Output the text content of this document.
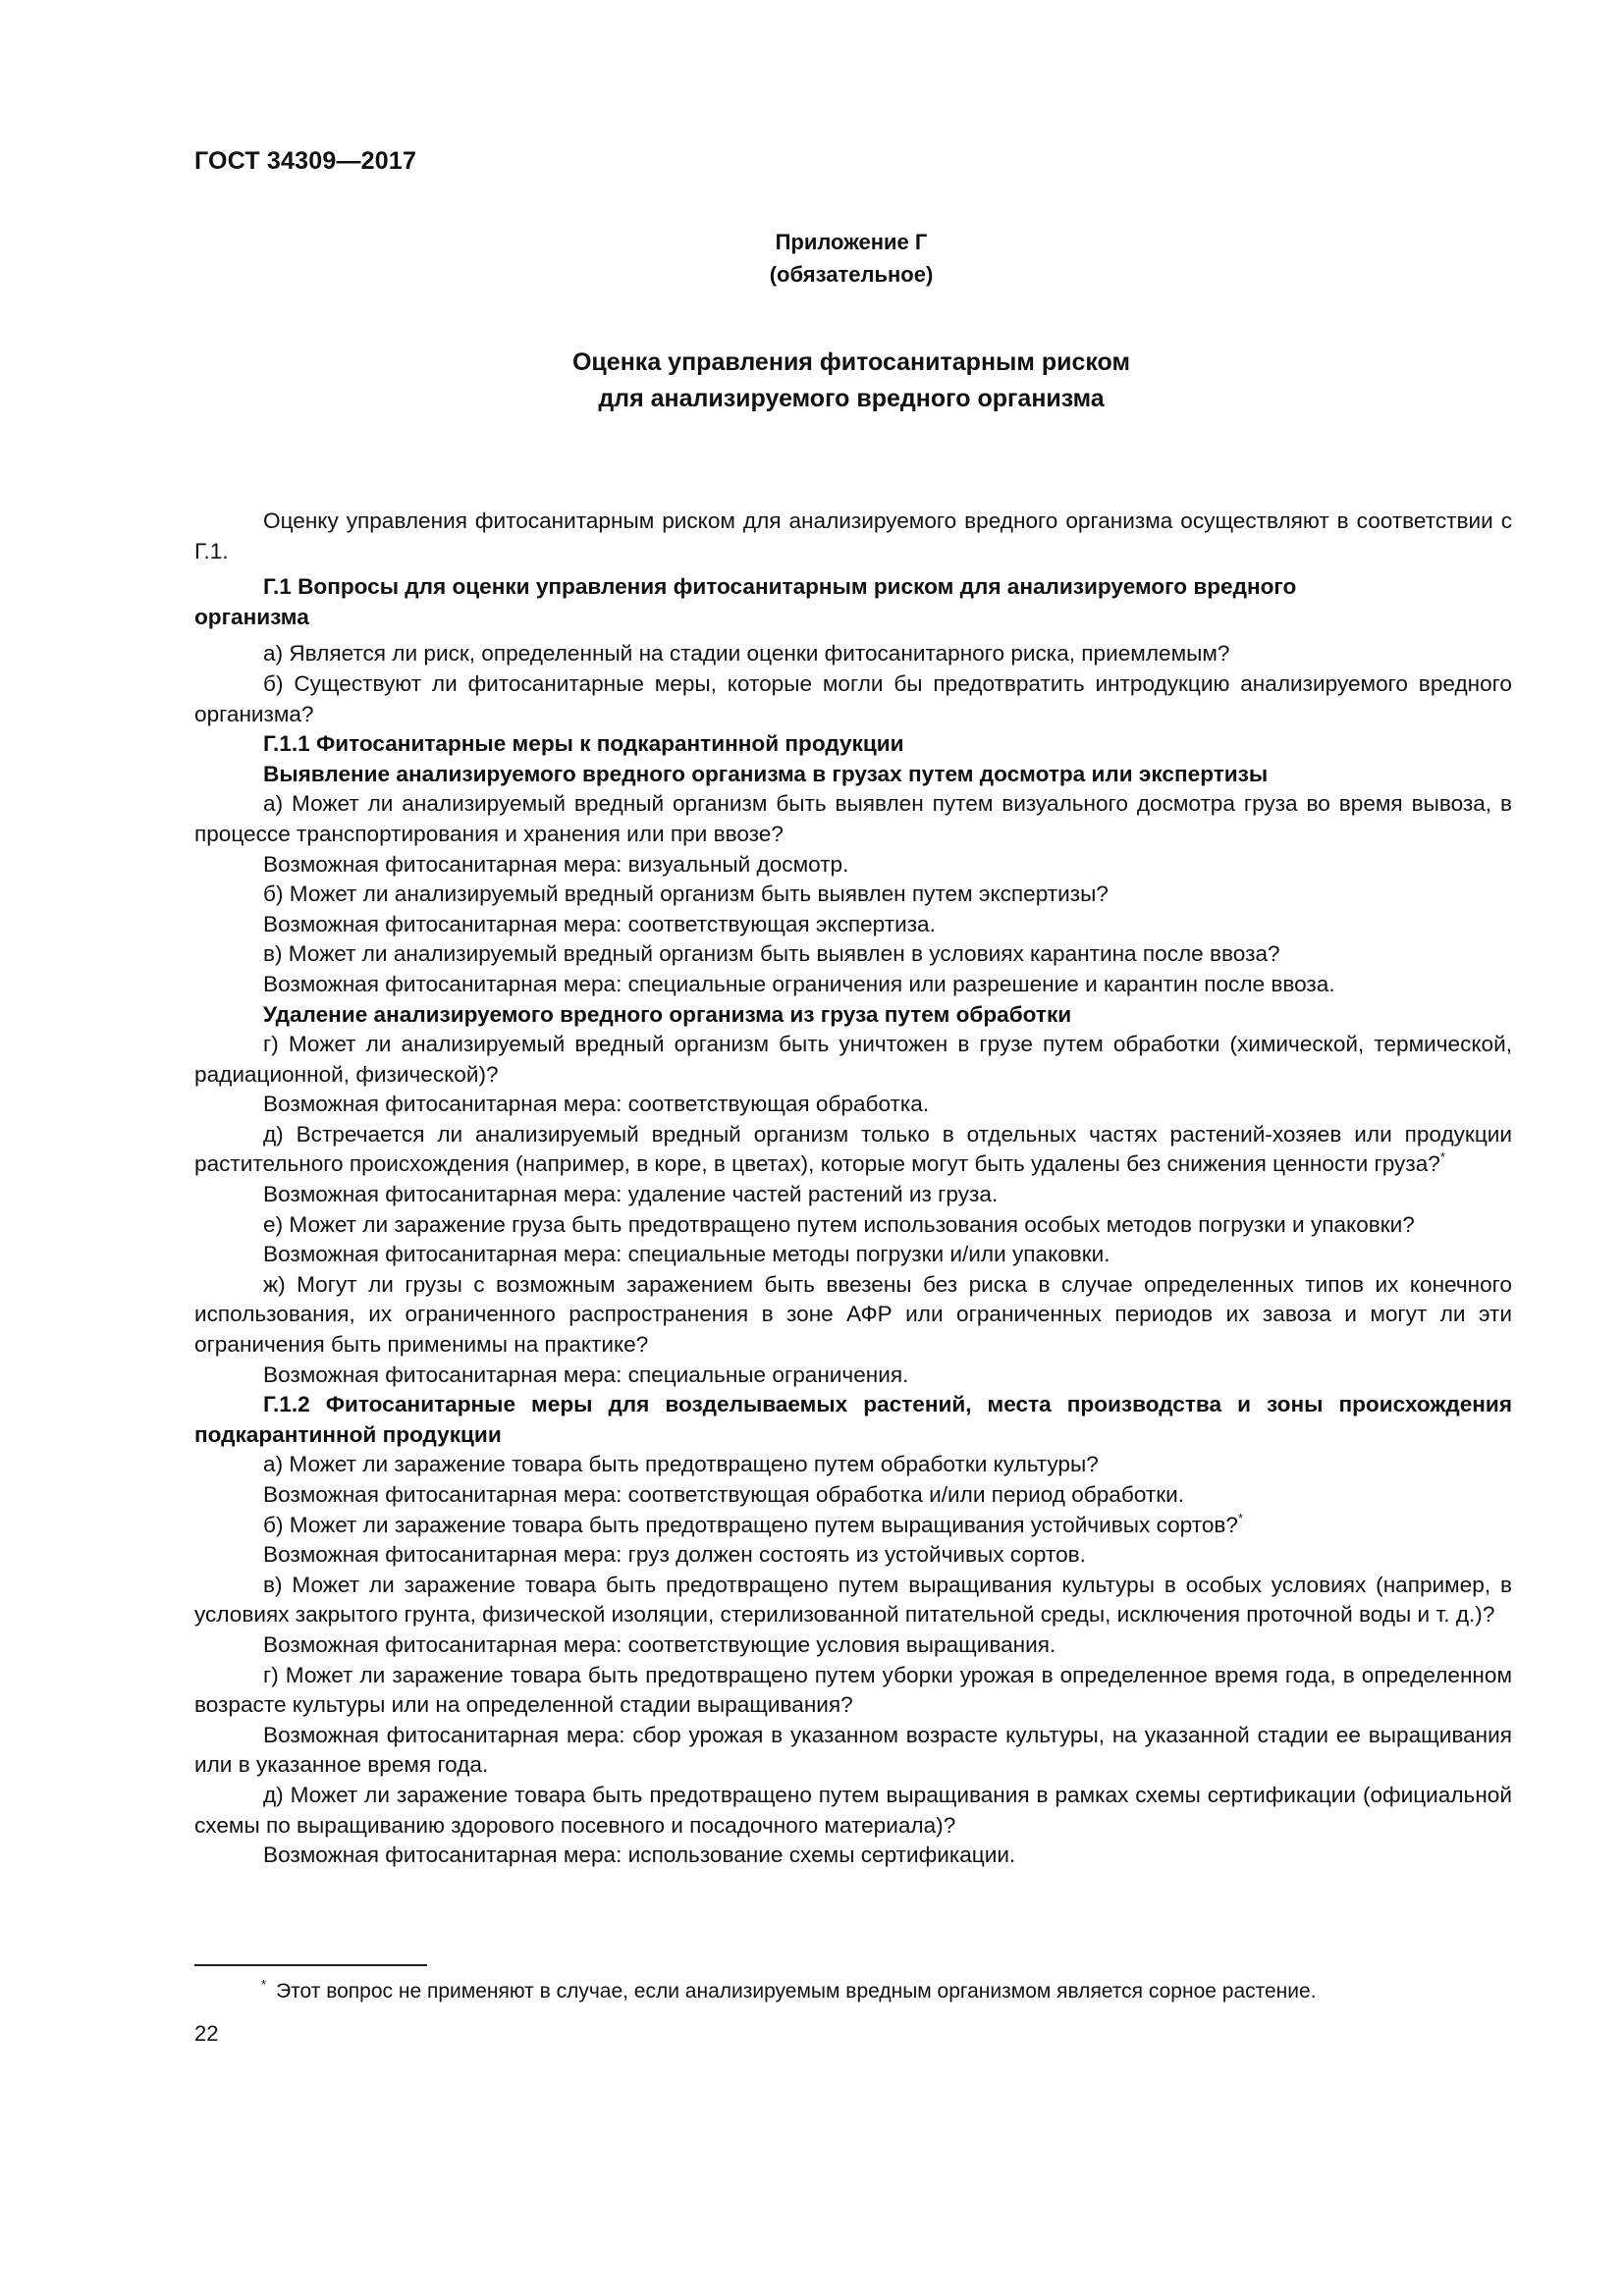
ГОСТ 34309—2017
Приложение Г
(обязательное)
Оценка управления фитосанитарным риском
для анализируемого вредного организма

Оценку управления фитосанитарным риском для анализируемого вредного организма осуществляют в соответствии с Г.1.

Г.1 Вопросы для оценки управления фитосанитарным риском для анализируемого вредного организма

а) Является ли риск, определенный на стадии оценки фитосанитарного риска, приемлемым?

б) Существуют ли фитосанитарные меры, которые могли бы предотвратить интродукцию анализируемого вредного организма?

Г.1.1 Фитосанитарные меры к подкарантинной продукции

Выявление анализируемого вредного организма в грузах путем досмотра или экспертизы

а) Может ли анализируемый вредный организм быть выявлен путем визуального досмотра груза во время вывоза, в процессе транспортирования и хранения или при ввозе?

Возможная фитосанитарная мера: визуальный досмотр.

б) Может ли анализируемый вредный организм быть выявлен путем экспертизы?

Возможная фитосанитарная мера: соответствующая экспертиза.

в) Может ли анализируемый вредный организм быть выявлен в условиях карантина после ввоза?

Возможная фитосанитарная мера: специальные ограничения или разрешение и карантин после ввоза.

Удаление анализируемого вредного организма из груза путем обработки

г) Может ли анализируемый вредный организм быть уничтожен в грузе путем обработки (химической, термической, радиационной, физической)?

Возможная фитосанитарная мера: соответствующая обработка.

д) Встречается ли анализируемый вредный организм только в отдельных частях растений-хозяев или продукции растительного происхождения (например, в коре, в цветах), которые могут быть удалены без снижения ценности груза?*

Возможная фитосанитарная мера: удаление частей растений из груза.

е) Может ли заражение груза быть предотвращено путем использования особых методов погрузки и упаковки?

Возможная фитосанитарная мера: специальные методы погрузки и/или упаковки.

ж) Могут ли грузы с возможным заражением быть ввезены без риска в случае определенных типов их конечного использования, их ограниченного распространения в зоне АФР или ограниченных периодов их завоза и могут ли эти ограничения быть применимы на практике?

Возможная фитосанитарная мера: специальные ограничения.

Г.1.2 Фитосанитарные меры для возделываемых растений, места производства и зоны происхождения подкарантинной продукции

а) Может ли заражение товара быть предотвращено путем обработки культуры?

Возможная фитосанитарная мера: соответствующая обработка и/или период обработки.

б) Может ли заражение товара быть предотвращено путем выращивания устойчивых сортов?*

Возможная фитосанитарная мера: груз должен состоять из устойчивых сортов.

в) Может ли заражение товара быть предотвращено путем выращивания культуры в особых условиях (например, в условиях закрытого грунта, физической изоляции, стерилизованной питательной среды, исключения проточной воды и т. д.)?

Возможная фитосанитарная мера: соответствующие условия выращивания.

г) Может ли заражение товара быть предотвращено путем уборки урожая в определенное время года, в определенном возрасте культуры или на определенной стадии выращивания?

Возможная фитосанитарная мера: сбор урожая в указанном возрасте культуры, на указанной стадии ее выращивания или в указанное время года.

д) Может ли заражение товара быть предотвращено путем выращивания в рамках схемы сертификации (официальной схемы по выращиванию здорового посевного и посадочного материала)?

Возможная фитосанитарная мера: использование схемы сертификации.

* Этот вопрос не применяют в случае, если анализируемым вредным организмом является сорное растение.
22
